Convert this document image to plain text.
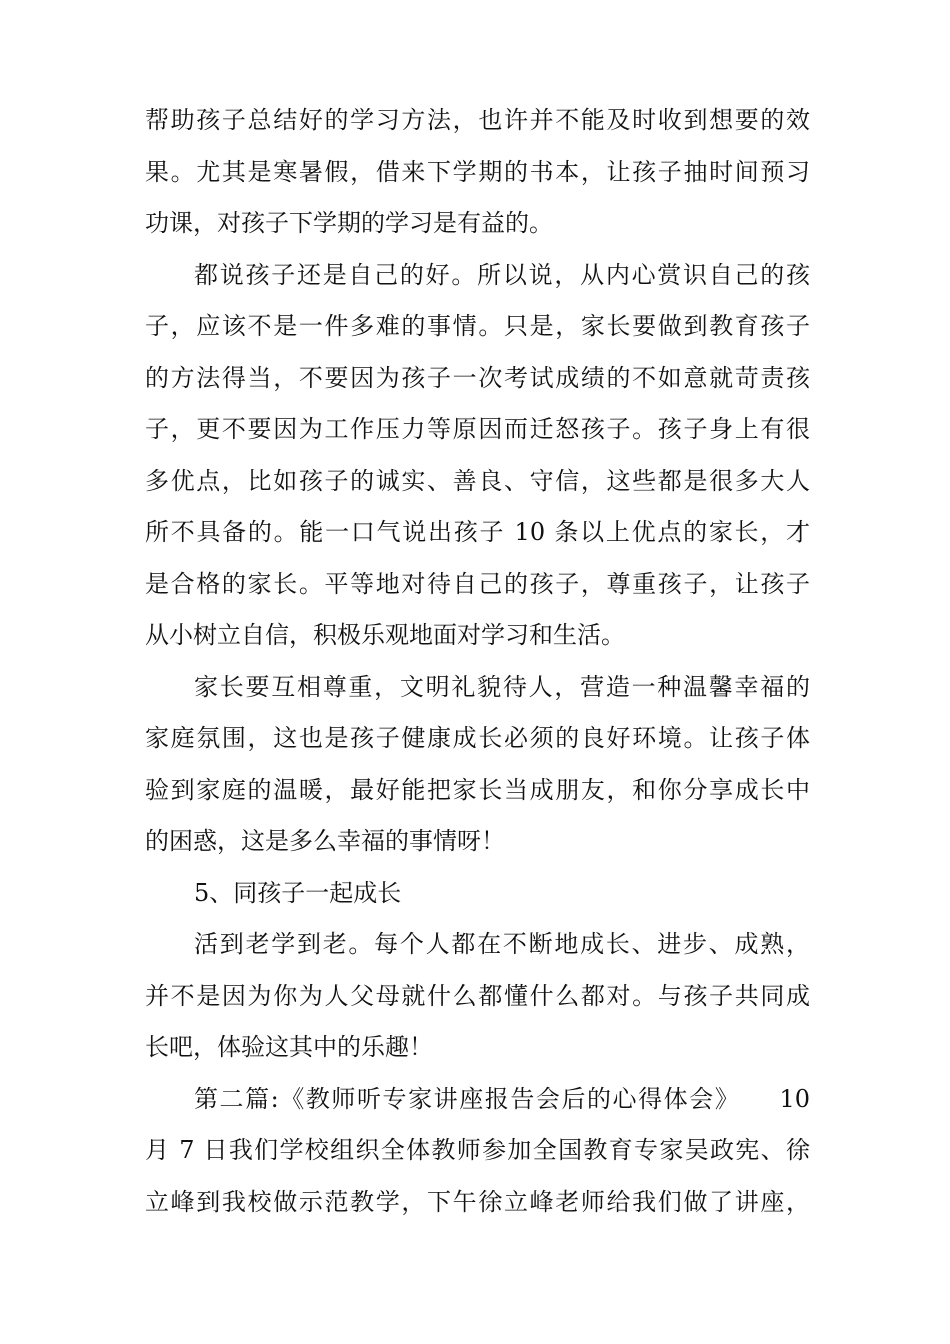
帮助孩子总结好的学习方法，也许并不能及时收到想要的效
果。尤其是寒暑假，借来下学期的书本，让孩子抽时间预习
功课，对孩子下学期的学习是有益的。
都说孩子还是自己的好。所以说，从内心赏识自己的孩
子，应该不是一件多难的事情。只是，家长要做到教育孩子
的方法得当，不要因为孩子一次考试成绩的不如意就苛责孩
子，更不要因为工作压力等原因而迁怒孩子。孩子身上有很
多优点，比如孩子的诚实、善良、守信，这些都是很多大人
所不具备的。能一口气说出孩子 10 条以上优点的家长，才
是合格的家长。平等地对待自己的孩子，尊重孩子，让孩子
从小树立自信，积极乐观地面对学习和生活。
家长要互相尊重，文明礼貌待人，营造一种温馨幸福的
家庭氛围，这也是孩子健康成长必须的良好环境。让孩子体
验到家庭的温暖，最好能把家长当成朋友，和你分享成长中
的困惑，这是多么幸福的事情呀！
5、同孩子一起成长
活到老学到老。每个人都在不断地成长、进步、成熟，
并不是因为你为人父母就什么都懂什么都对。与孩子共同成
长吧，体验这其中的乐趣！
第二篇:《教师听专家讲座报告会后的心得体会》　　10
月 7 日我们学校组织全体教师参加全国教育专家吴政宪、徐
立峰到我校做示范教学，下午徐立峰老师给我们做了讲座，
